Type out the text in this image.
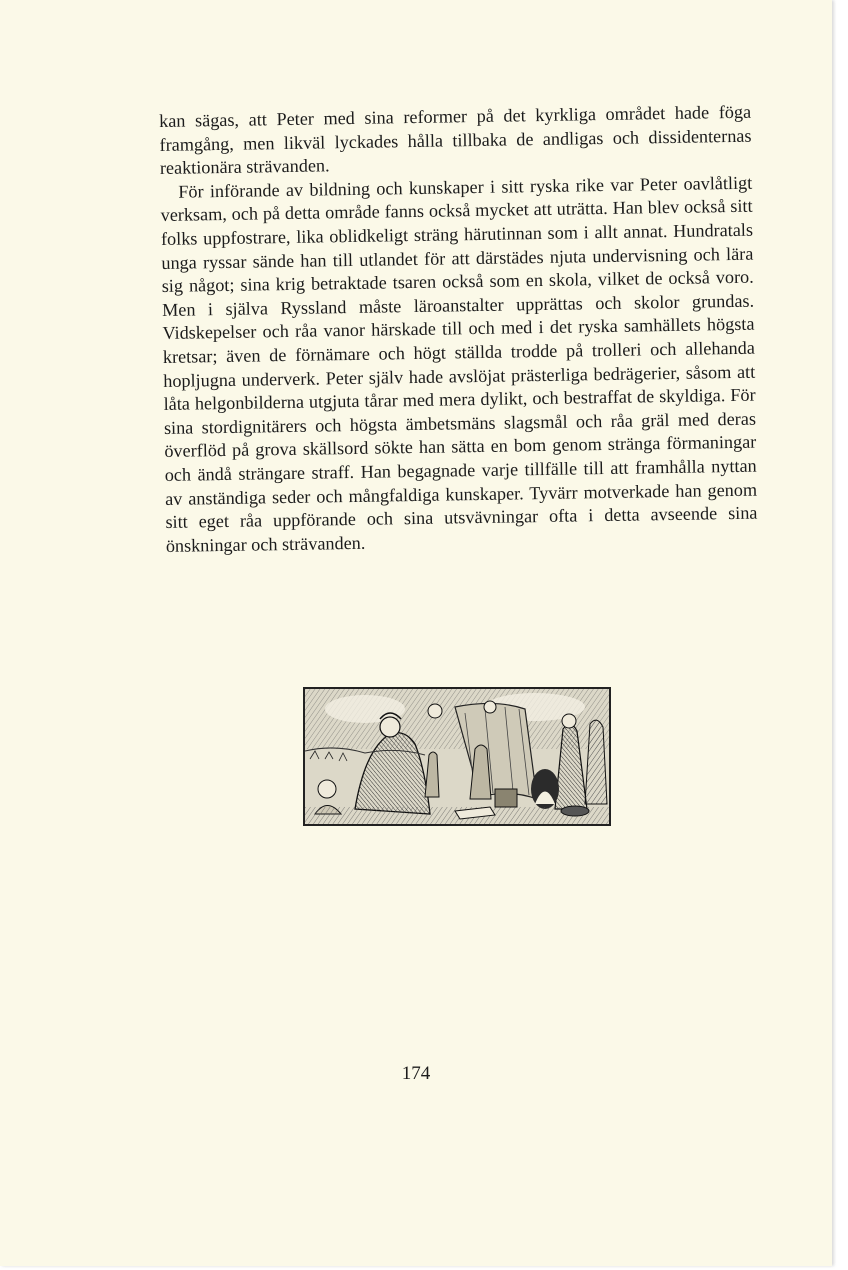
kan sägas, att Peter med sina reformer på det kyrkliga området hade föga framgång, men likväl lyckades hålla tillbaka de andligas och dissidenternas reaktionära strävanden.

För införande av bildning och kunskaper i sitt ryska rike var Peter oavlåtligt verksam, och på detta område fanns också mycket att uträtta. Han blev också sitt folks uppfostrare, lika oblidkeligt sträng härutinnan som i allt annat. Hundratals unga ryssar sände han till utlandet för att därstädes njuta undervisning och lära sig något; sina krig betraktade tsaren också som en skola, vilket de också voro. Men i själva Ryssland måste läroanstalter upprättas och skolor grundas. Vidskepelser och råa vanor härskade till och med i det ryska samhällets högsta kretsar; även de förnämare och högt ställda trodde på trolleri och allehanda hopljugna underverk. Peter själv hade avslöjat prästerliga bedrägerier, såsom att låta helgonbilderna utgjuta tårar med mera dylikt, och bestraffat de skyldiga. För sina stordignitärers och högsta ämbetsmäns slagsmål och råa gräl med deras överflöd på grova skällsord sökte han sätta en bom genom stränga förmaningar och ändå strängare straff. Han begagnade varje tillfälle till att framhålla nyttan av anständiga seder och mångfaldiga kunskaper. Tyvärr motverkade han genom sitt eget råa uppförande och sina utsvävningar ofta i detta avseende sina önskningar och strävanden.

174
